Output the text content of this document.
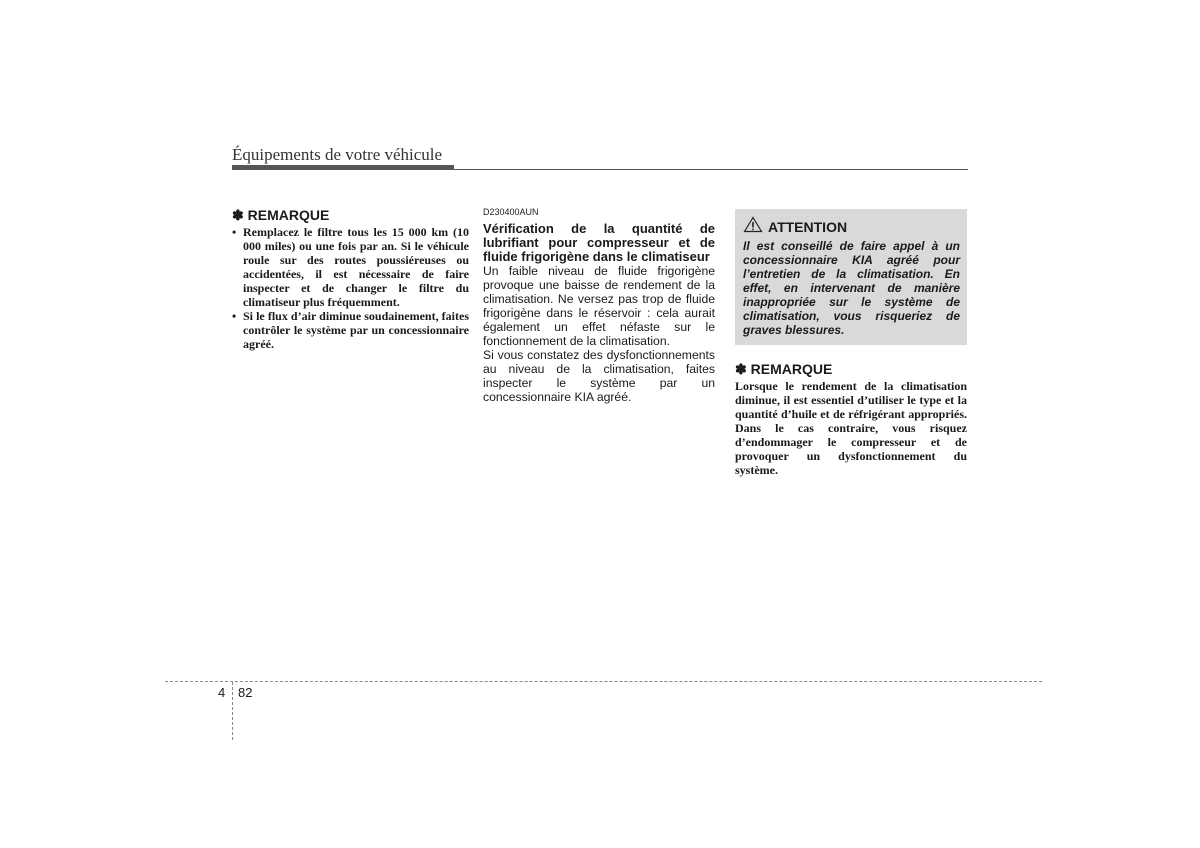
Équipements de votre véhicule

✽ REMARQUE

• Remplacez le filtre tous les 15 000 km (10 000 miles) ou une fois par an. Si le véhicule roule sur des routes poussiéreuses ou accidentées, il est nécessaire de faire inspecter et de changer le filtre du climatiseur plus fréquemment.
• Si le flux d’air diminue soudainement, faites contrôler le système par un concessionnaire agréé.

D230400AUN

Vérification de la quantité de lubrifiant pour compresseur et de fluide frigorigène dans le climatiseur

Un faible niveau de fluide frigorigène provoque une baisse de rendement de la climatisation. Ne versez pas trop de fluide frigorigène dans le réservoir : cela aurait également un effet néfaste sur le fonctionnement de la climatisation.

Si vous constatez des dysfonctionnements au niveau de la climatisation, faites inspecter le système par un concessionnaire KIA agréé.

ATTENTION

Il est conseillé de faire appel à un concessionnaire KIA agréé pour l’entretien de la climatisation. En effet, en intervenant de manière inappropriée sur le système de climatisation, vous risqueriez de graves blessures.

✽ REMARQUE

Lorsque le rendement de la climatisation diminue, il est essentiel d’utiliser le type et la quantité d’huile et de réfrigérant appropriés. Dans le cas contraire, vous risquez d’endommager le compresseur et de provoquer un dysfonctionnement du système.

4 82
